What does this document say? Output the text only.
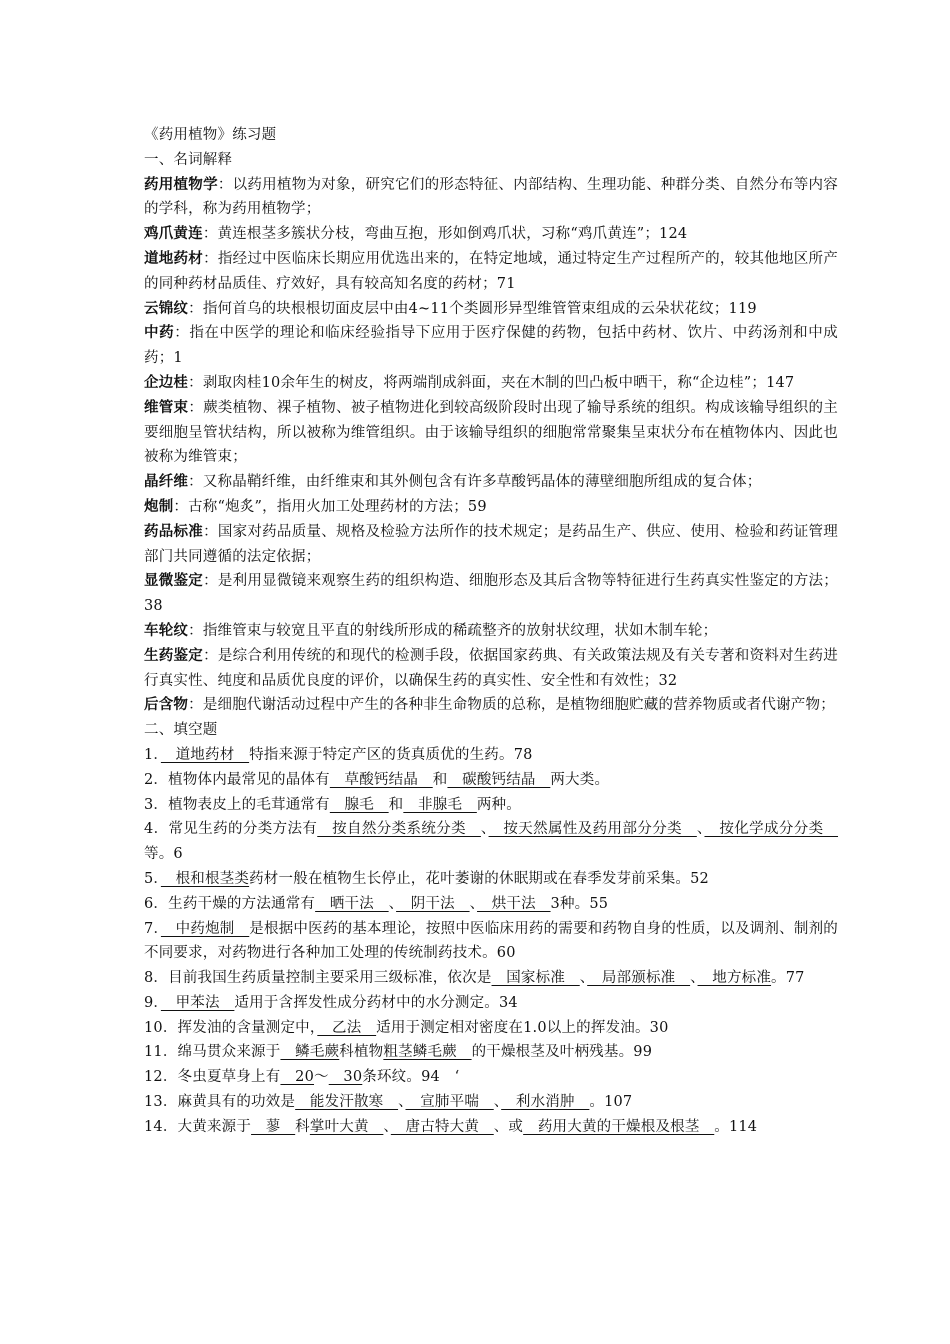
《药用植物》练习题
一、名词解释
药用植物学：以药用植物为对象，研究它们的形态特征、内部结构、生理功能、种群分类、自然分布等内容的学科，称为药用植物学；
鸡爪黄连：黄连根茎多簇状分枝，弯曲互抱，形如倒鸡爪状，习称“鸡爪黄连”；124
道地药材：指经过中医临床长期应用优选出来的，在特定地域，通过特定生产过程所产的，较其他地区所产的同种药材品质佳、疗效好，具有较高知名度的药材；71
云锦纹：指何首乌的块根根切面皮层中由4~11个类圆形异型维管管束组成的云朵状花纹；119
中药：指在中医学的理论和临床经验指导下应用于医疗保健的药物，包括中药材、饮片、中药汤剂和中成药；1
企边桂：剥取肉桂10余年生的树皮，将两端削成斜面，夹在木制的凹凸板中晒干，称“企边桂”；147
维管束：蕨类植物、裸子植物、被子植物进化到较高级阶段时出现了输导系统的组织。构成该输导组织的主要细胞呈管状结构，所以被称为维管组织。由于该输导组织的细胞常常聚集呈束状分布在植物体内、因此也被称为维管束；
晶纤维：又称晶鞘纤维，由纤维束和其外侧包含有许多草酸钙晶体的薄壁细胞所组成的复合体；
炮制：古称“炮炙”，指用火加工处理药材的方法；59
药品标准：国家对药品质量、规格及检验方法所作的技术规定；是药品生产、供应、使用、检验和药证管理部门共同遵循的法定依据；
显微鉴定：是利用显微镜来观察生药的组织构造、细胞形态及其后含物等特征进行生药真实性鉴定的方法；38
车轮纹：指维管束与较宽且平直的射线所形成的稀疏整齐的放射状纹理，状如木制车轮；
生药鉴定：是综合利用传统的和现代的检测手段，依据国家药典、有关政策法规及有关专著和资料对生药进行真实性、纯度和品质优良度的评价，以确保生药的真实性、安全性和有效性；32
后含物：是细胞代谢活动过程中产生的各种非生命物质的总称，是植物细胞贮藏的营养物质或者代谢产物；
二、填空题
1．　道地药材　特指来源于特定产区的货真质优的生药。78
2．植物体内最常见的晶体有　草酸钙结晶　和　碳酸钙结晶　两大类。
3．植物表皮上的毛茸通常有　腺毛　和　非腺毛　两种。
4．常见生药的分类方法有　按自然分类系统分类　、　按天然属性及药用部分分类　、　按化学成分分类　等。6
5．　根和根茎类药材一般在植物生长停止，花叶萎谢的休眠期或在春季发芽前采集。52
6．生药干燥的方法通常有　晒干法　、　阴干法　、　烘干法　3种。55
7．　中药炮制　是根据中医药的基本理论，按照中医临床用药的需要和药物自身的性质，以及调剂、制剂的不同要求，对药物进行各种加工处理的传统制药技术。60
8．目前我国生药质量控制主要采用三级标准，依次是　国家标准　、　局部颁标准　、　地方标准。77
9．　甲苯法　适用于含挥发性成分药材中的水分测定。34
10．挥发油的含量测定中，　乙法　适用于测定相对密度在1.0以上的挥发油。30
11．绵马贯众来源于　鳞毛蕨科植物粗茎鳞毛蕨　的干燥根茎及叶柄残基。99
12．冬虫夏草身上有　20～　30条环纹。94　‘
13．麻黄具有的功效是　能发汗散寒　、　宣肺平喘　、　利水消肿　。107
14．大黄来源于　蓼　科掌叶大黄　、　唐古特大黄　、或　药用大黄的干燥根及根茎　。114
